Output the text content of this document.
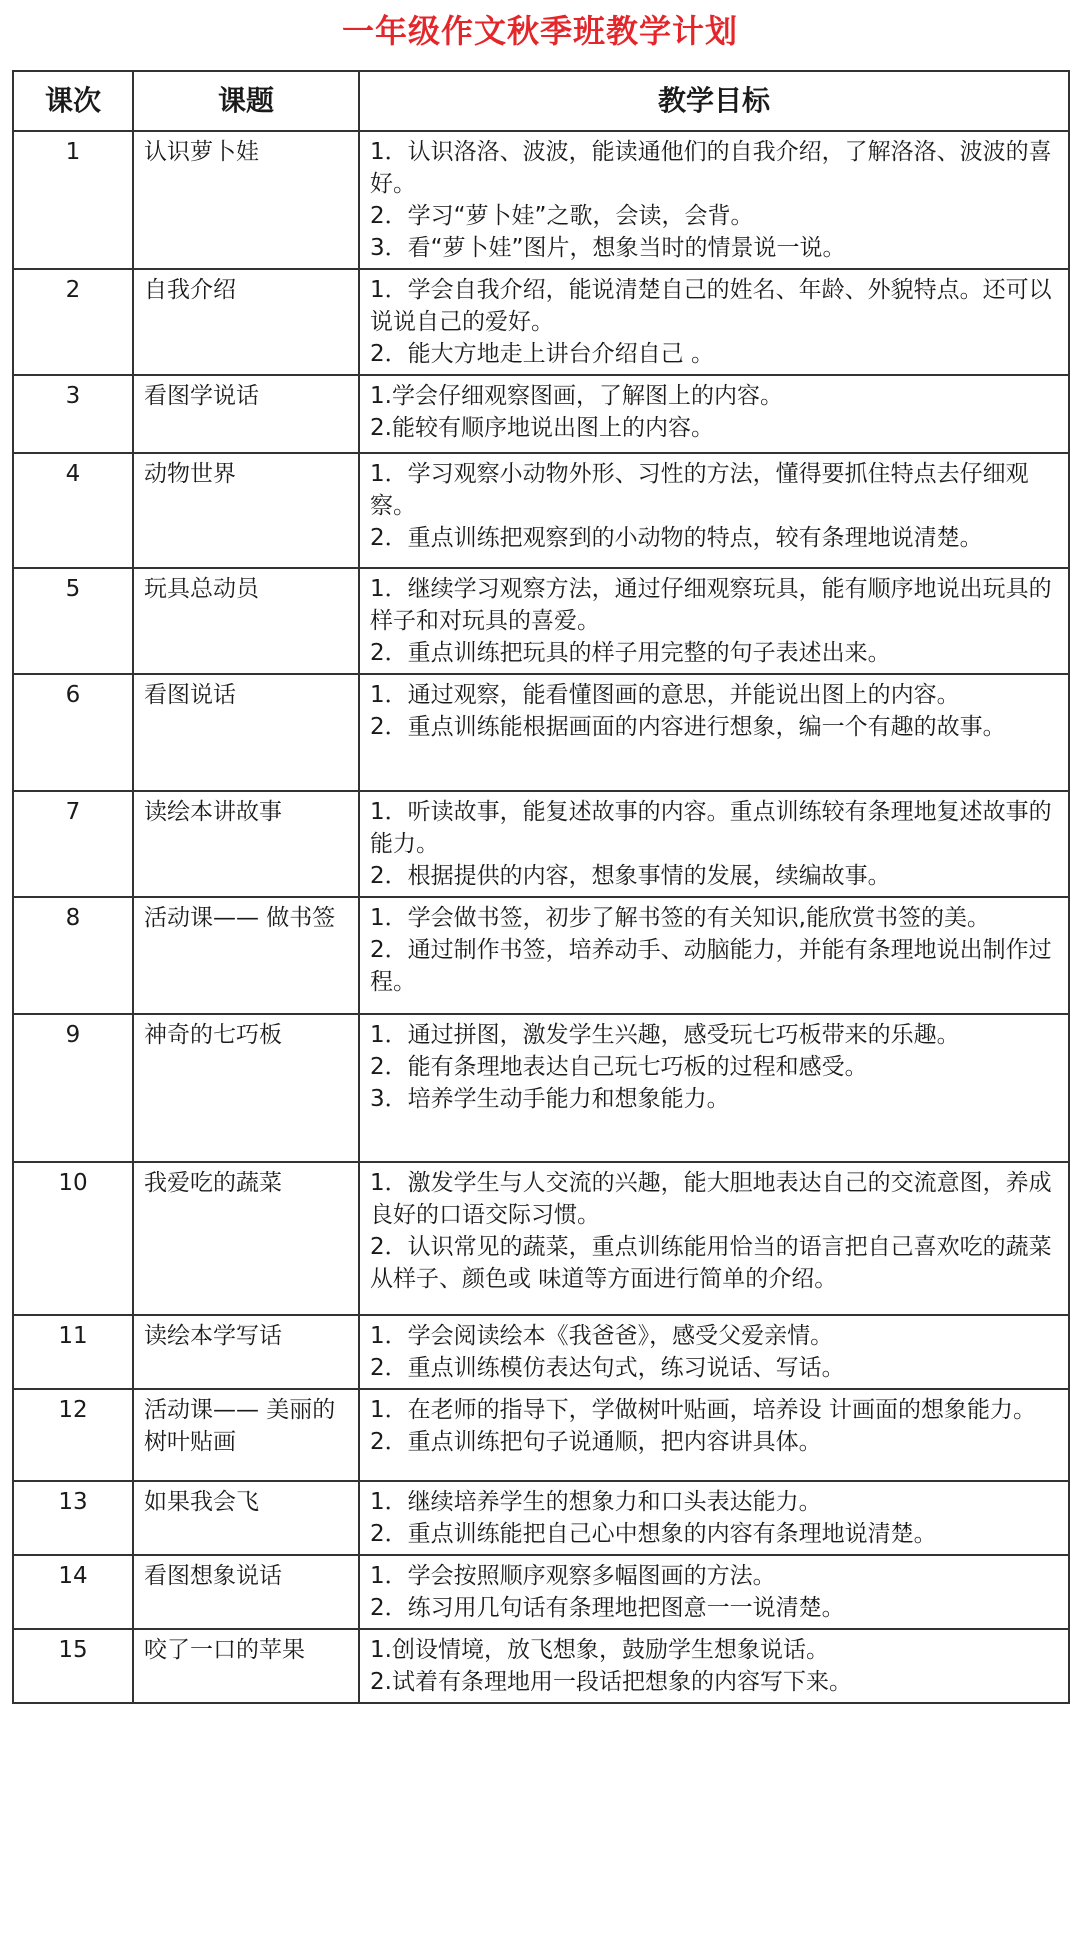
一年级作文秋季班教学计划
课次	课题	教学目标
1	认识萝卜娃	1．认识洛洛、波波，能读通他们的自我介绍，了解洛洛、波波的喜好。
2．学习“萝卜娃”之歌，会读，会背。
3．看“萝卜娃”图片，想象当时的情景说一说。

2	自我介绍	1．学会自我介绍，能说清楚自己的姓名、年龄、外貌特点。还可以说说自己的爱好。
2．能大方地走上讲台介绍自己 。

3	看图学说话	1.学会仔细观察图画，了解图上的内容。
2.能较有顺序地说出图上的内容。

4	动物世界	1．学习观察小动物外形、习性的方法，懂得要抓住特点去仔细观察。
2．重点训练把观察到的小动物的特点，较有条理地说清楚。

5	玩具总动员	1．继续学习观察方法，通过仔细观察玩具，能有顺序地说出玩具的样子和对玩具的喜爱。
2．重点训练把玩具的样子用完整的句子表述出来。

6	看图说话	1．通过观察，能看懂图画的意思，并能说出图上的内容。
2．重点训练能根据画面的内容进行想象，编一个有趣的故事。

7	读绘本讲故事	1．听读故事，能复述故事的内容。重点训练较有条理地复述故事的能力。
2．根据提供的内容，想象事情的发展，续编故事。

8	活动课—— 做书签	1．学会做书签，初步了解书签的有关知识,能欣赏书签的美。
2．通过制作书签，培养动手、动脑能力，并能有条理地说出制作过程。

9	神奇的七巧板	1．通过拼图，激发学生兴趣，感受玩七巧板带来的乐趣。
2．能有条理地表达自己玩七巧板的过程和感受。
3．培养学生动手能力和想象能力。

10	我爱吃的蔬菜	1．激发学生与人交流的兴趣，能大胆地表达自己的交流意图，养成良好的口语交际习惯。
2．认识常见的蔬菜，重点训练能用恰当的语言把自己喜欢吃的蔬菜从样子、颜色或 味道等方面进行简单的介绍。

11	读绘本学写话	1．学会阅读绘本《我爸爸》，感受父爱亲情。
2．重点训练模仿表达句式，练习说话、写话。

12	活动课—— 美丽的树叶贴画	1．在老师的指导下，学做树叶贴画，培养设 计画面的想象能力。
2．重点训练把句子说通顺，把内容讲具体。

13	如果我会飞	1．继续培养学生的想象力和口头表达能力。
2．重点训练能把自己心中想象的内容有条理地说清楚。

14	看图想象说话	1．学会按照顺序观察多幅图画的方法。
2．练习用几句话有条理地把图意一一说清楚。

15	咬了一口的苹果	1.创设情境，放飞想象，鼓励学生想象说话。
2.试着有条理地用一段话把想象的内容写下来。
